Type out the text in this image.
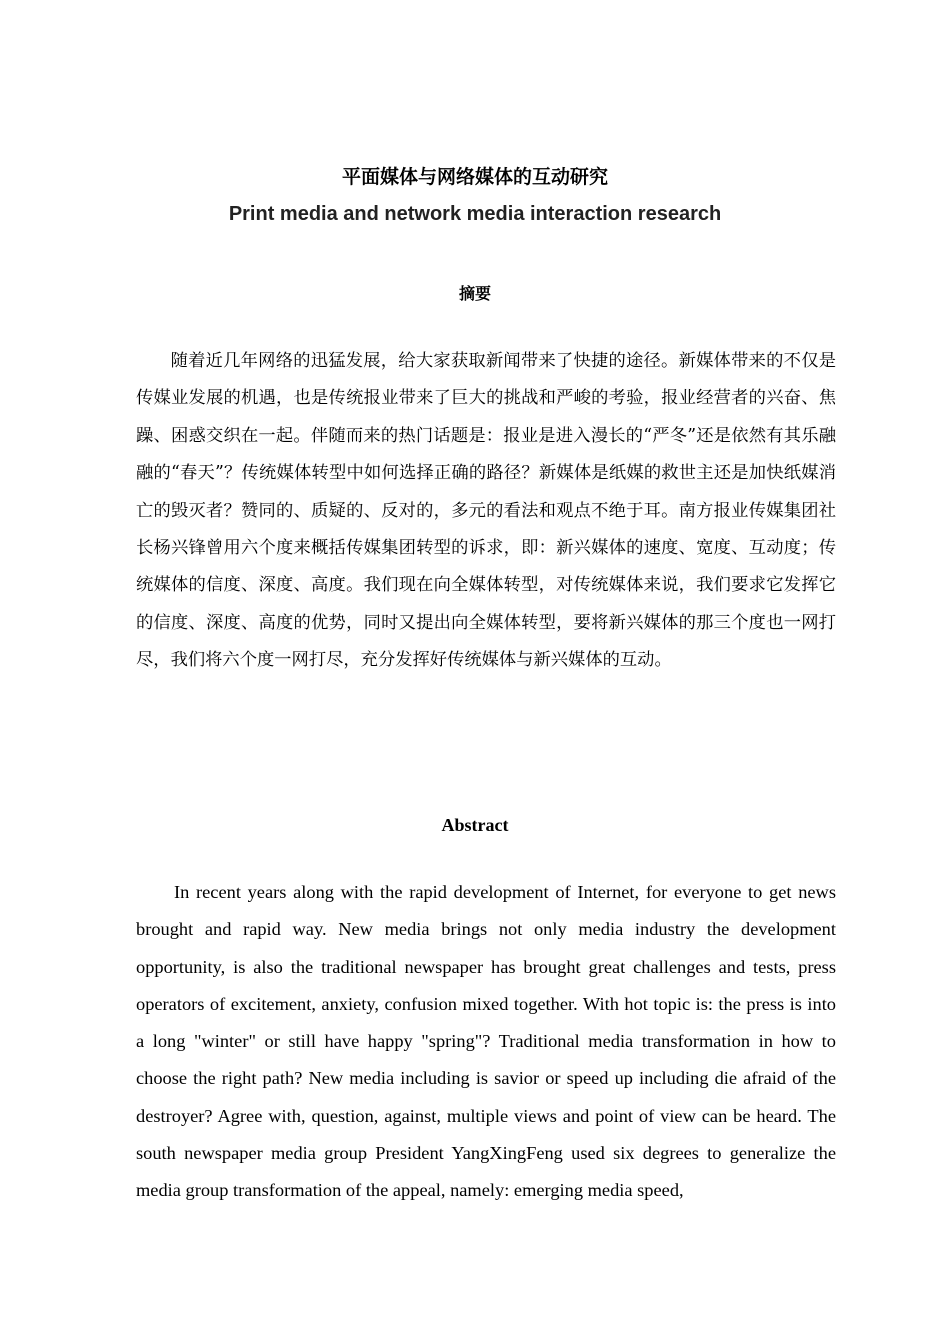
平面媒体与网络媒体的互动研究
Print media and network media interaction research
摘要

随着近几年网络的迅猛发展，给大家获取新闻带来了快捷的途径。新媒体带来的不仅是传媒业发展的机遇，也是传统报业带来了巨大的挑战和严峻的考验，报业经营者的兴奋、焦躁、困惑交织在一起。伴随而来的热门话题是：报业是进入漫长的“严冬”还是依然有其乐融融的“春天”？传统媒体转型中如何选择正确的路径？新媒体是纸媒的救世主还是加快纸媒消亡的毁灭者？赞同的、质疑的、反对的，多元的看法和观点不绝于耳。南方报业传媒集团社长杨兴锋曾用六个度来概括传媒集团转型的诉求，即：新兴媒体的速度、宽度、互动度；传统媒体的信度、深度、高度。我们现在向全媒体转型，对传统媒体来说，我们要求它发挥它的信度、深度、高度的优势，同时又提出向全媒体转型，要将新兴媒体的那三个度也一网打尽，我们将六个度一网打尽，充分发挥好传统媒体与新兴媒体的互动。

Abstract

In recent years along with the rapid development of Internet, for everyone to get news brought and rapid way. New media brings not only media industry the development opportunity, is also the traditional newspaper has brought great challenges and tests, press operators of excitement, anxiety, confusion mixed together. With hot topic is: the press is into a long "winter" or still have happy "spring"? Traditional media transformation in how to choose the right path? New media including is savior or speed up including die afraid of the destroyer? Agree with, question, against, multiple views and point of view can be heard. The south newspaper media group President YangXingFeng used six degrees to generalize the media group transformation of the appeal, namely: emerging media speed,
